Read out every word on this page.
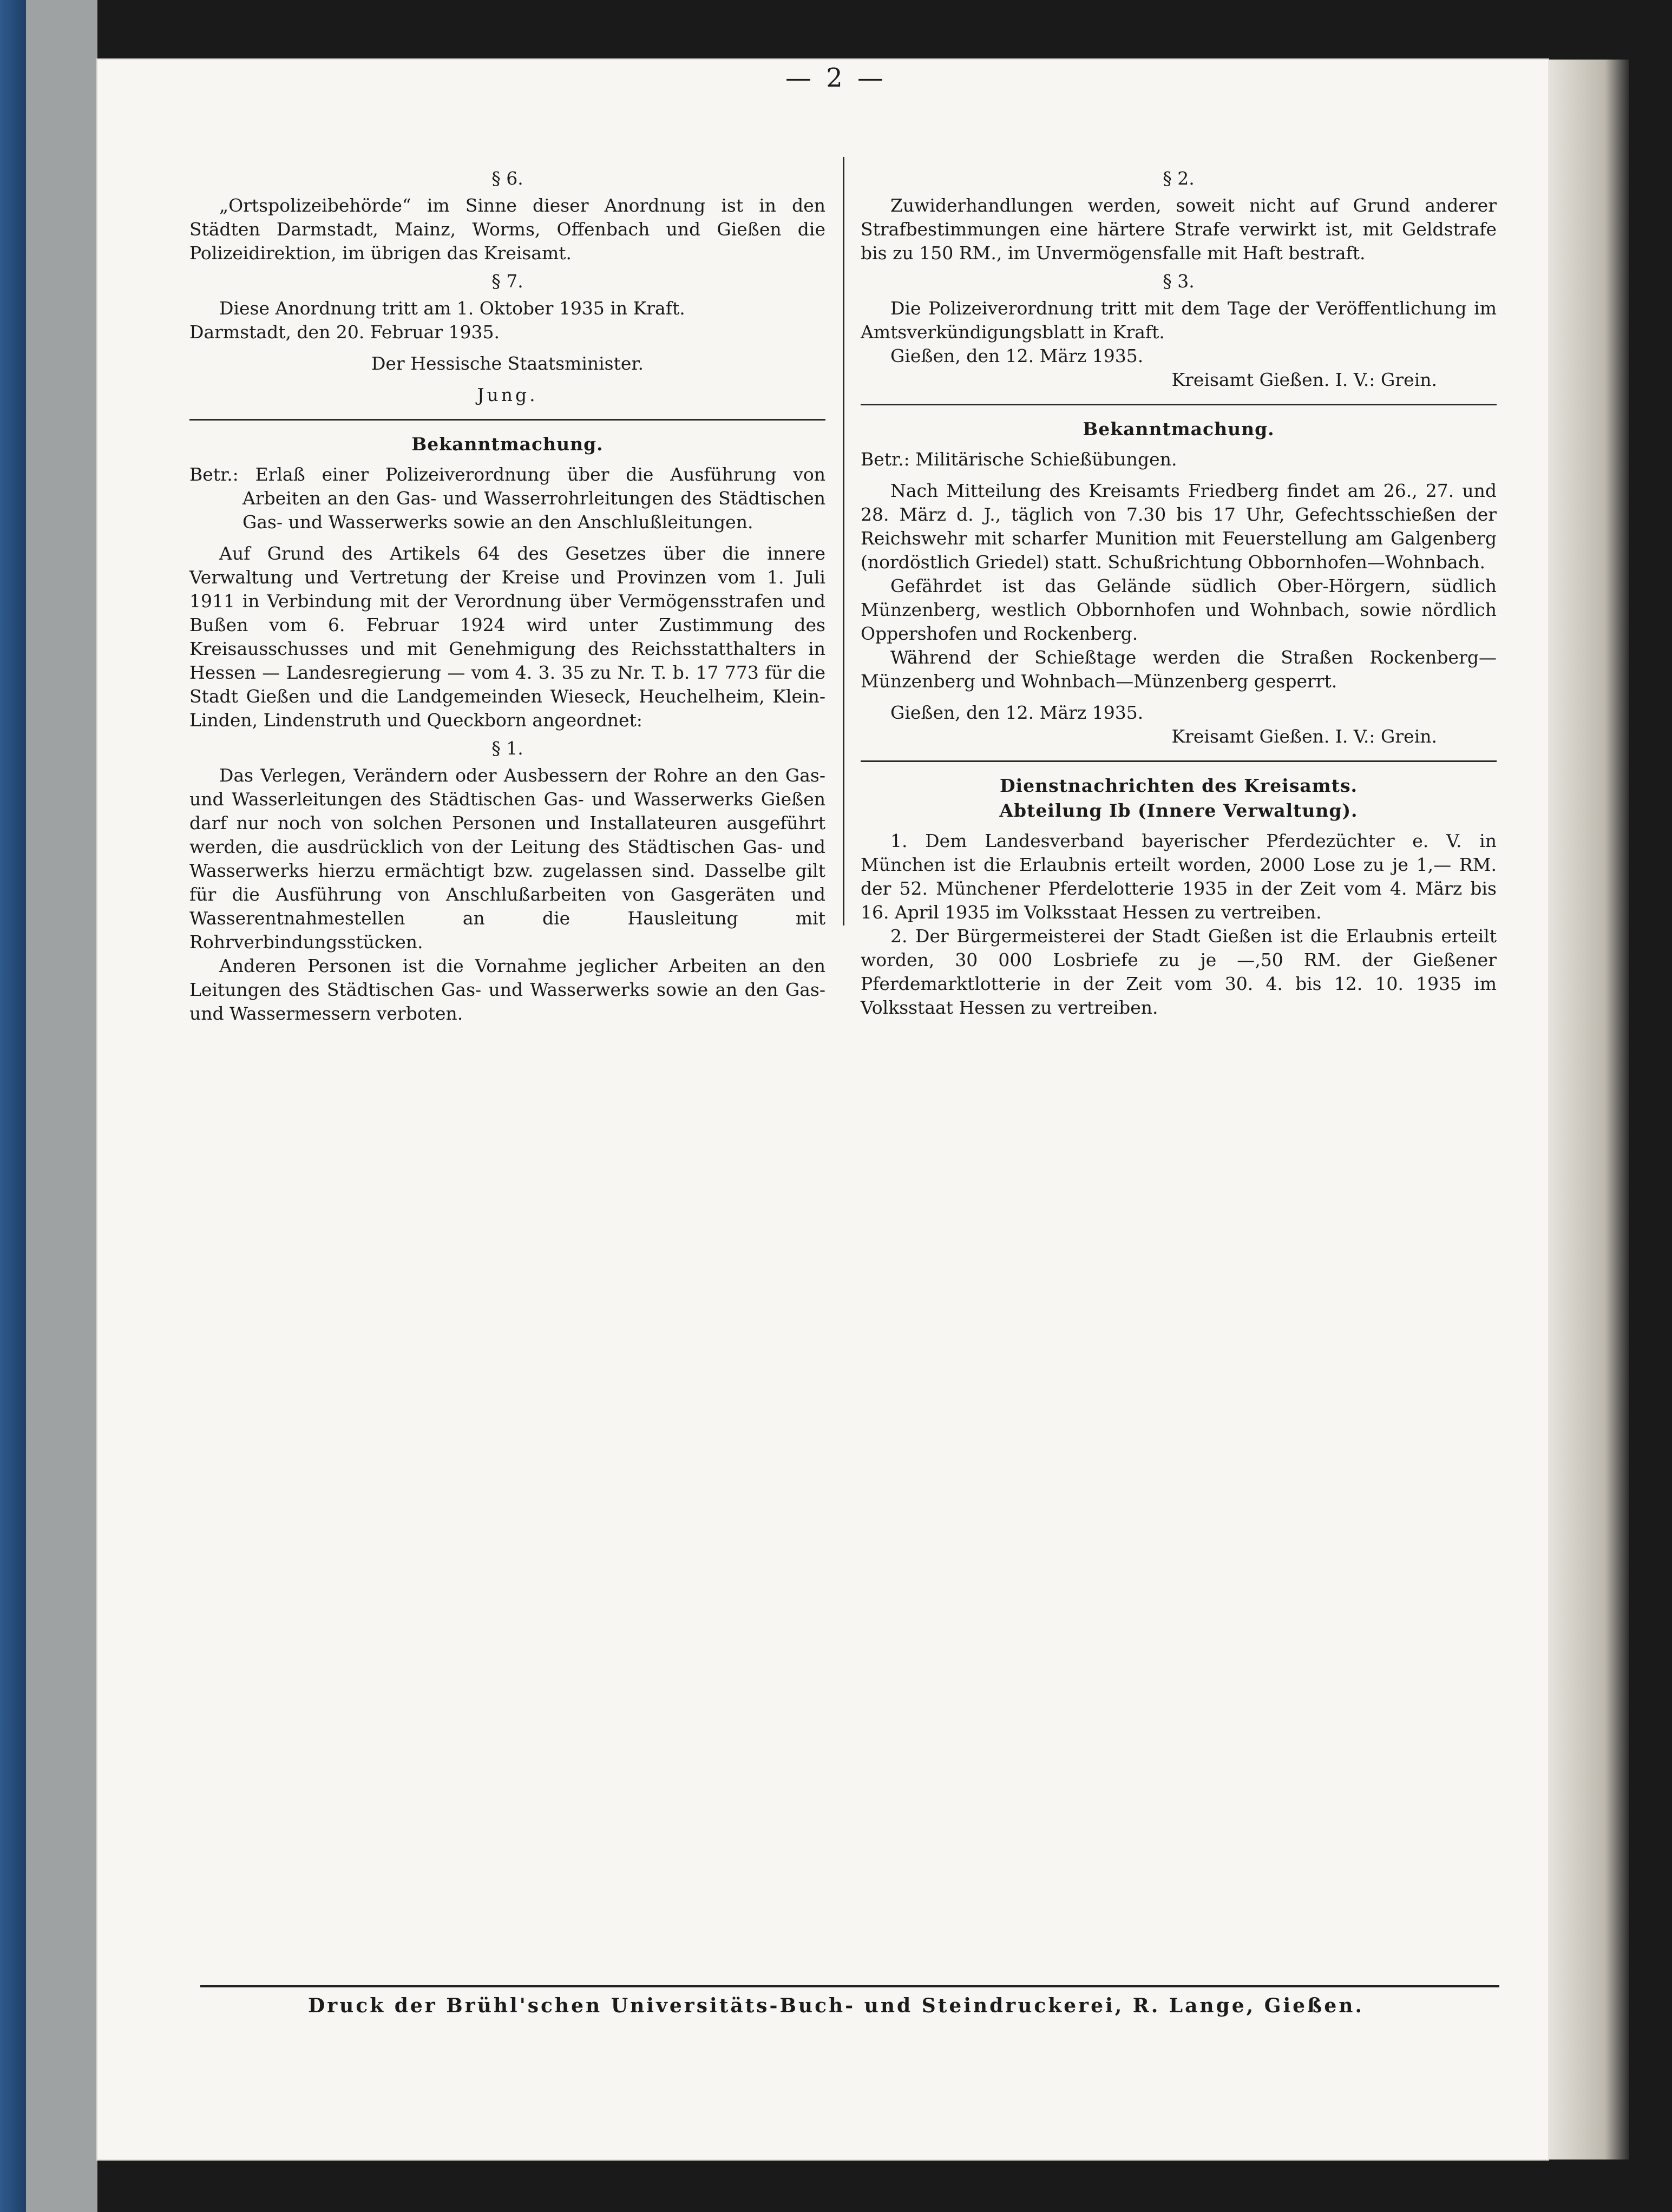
— 2 —
§ 6.

„Ortspolizeibehörde“ im Sinne dieser Anordnung ist in den Städten Darmstadt, Mainz, Worms, Offenbach und Gießen die Polizeidirektion, im übrigen das Kreisamt.

§ 7.

Diese Anordnung tritt am 1. Oktober 1935 in Kraft.

Darmstadt, den 20. Februar 1935.

Der Hessische Staatsminister.
Jung.
Bekanntmachung.

Betr.: Erlaß einer Polizeiverordnung über die Ausführung von Arbeiten an den Gas- und Wasserrohrleitungen des Städtischen Gas- und Wasserwerks sowie an den Anschlußleitungen.

Auf Grund des Artikels 64 des Gesetzes über die innere Verwaltung und Vertretung der Kreise und Provinzen vom 1. Juli 1911 in Verbindung mit der Verordnung über Vermögensstrafen und Bußen vom 6. Februar 1924 wird unter Zustimmung des Kreisausschusses und mit Genehmigung des Reichsstatthalters in Hessen — Landesregierung — vom 4. 3. 35 zu Nr. T. b. 17 773 für die Stadt Gießen und die Landgemeinden Wieseck, Heuchelheim, Klein-Linden, Lindenstruth und Queckborn angeordnet:

§ 1.

Das Verlegen, Verändern oder Ausbessern der Rohre an den Gas- und Wasserleitungen des Städtischen Gas- und Wasserwerks Gießen darf nur noch von solchen Personen und Installateuren ausgeführt werden, die ausdrücklich von der Leitung des Städtischen Gas- und Wasserwerks hierzu ermächtigt bzw. zugelassen sind. Dasselbe gilt für die Ausführung von Anschlußarbeiten von Gasgeräten und Wasserentnahmestellen an die Hausleitung mit Rohrverbindungsstücken.

Anderen Personen ist die Vornahme jeglicher Arbeiten an den Leitungen des Städtischen Gas- und Wasserwerks sowie an den Gas- und Wassermessern verboten.

§ 2.

Zuwiderhandlungen werden, soweit nicht auf Grund anderer Strafbestimmungen eine härtere Strafe verwirkt ist, mit Geldstrafe bis zu 150 RM., im Unvermögensfalle mit Haft bestraft.

§ 3.

Die Polizeiverordnung tritt mit dem Tage der Veröffentlichung im Amtsverkündigungsblatt in Kraft.

Gießen, den 12. März 1935.

Kreisamt Gießen. I. V.: Grein.
Bekanntmachung.

Betr.: Militärische Schießübungen.

Nach Mitteilung des Kreisamts Friedberg findet am 26., 27. und 28. März d. J., täglich von 7.30 bis 17 Uhr, Gefechtsschießen der Reichswehr mit scharfer Munition mit Feuerstellung am Galgenberg (nordöstlich Griedel) statt. Schußrichtung Obbornhofen—Wohnbach.

Gefährdet ist das Gelände südlich Ober-Hörgern, südlich Münzenberg, westlich Obbornhofen und Wohnbach, sowie nördlich Oppershofen und Rockenberg.

Während der Schießtage werden die Straßen Rockenberg—Münzenberg und Wohnbach—Münzenberg gesperrt.

Gießen, den 12. März 1935.

Kreisamt Gießen. I. V.: Grein.
Dienstnachrichten des Kreisamts.
Abteilung Ib (Innere Verwaltung).

1. Dem Landesverband bayerischer Pferdezüchter e. V. in München ist die Erlaubnis erteilt worden, 2000 Lose zu je 1,— RM. der 52. Münchener Pferdelotterie 1935 in der Zeit vom 4. März bis 16. April 1935 im Volksstaat Hessen zu vertreiben.

2. Der Bürgermeisterei der Stadt Gießen ist die Erlaubnis erteilt worden, 30 000 Losbriefe zu je —,50 RM. der Gießener Pferdemarktlotterie in der Zeit vom 30. 4. bis 12. 10. 1935 im Volksstaat Hessen zu vertreiben.

Druck der Brühl'schen Universitäts-Buch- und Steindruckerei, R. Lange, Gießen.
